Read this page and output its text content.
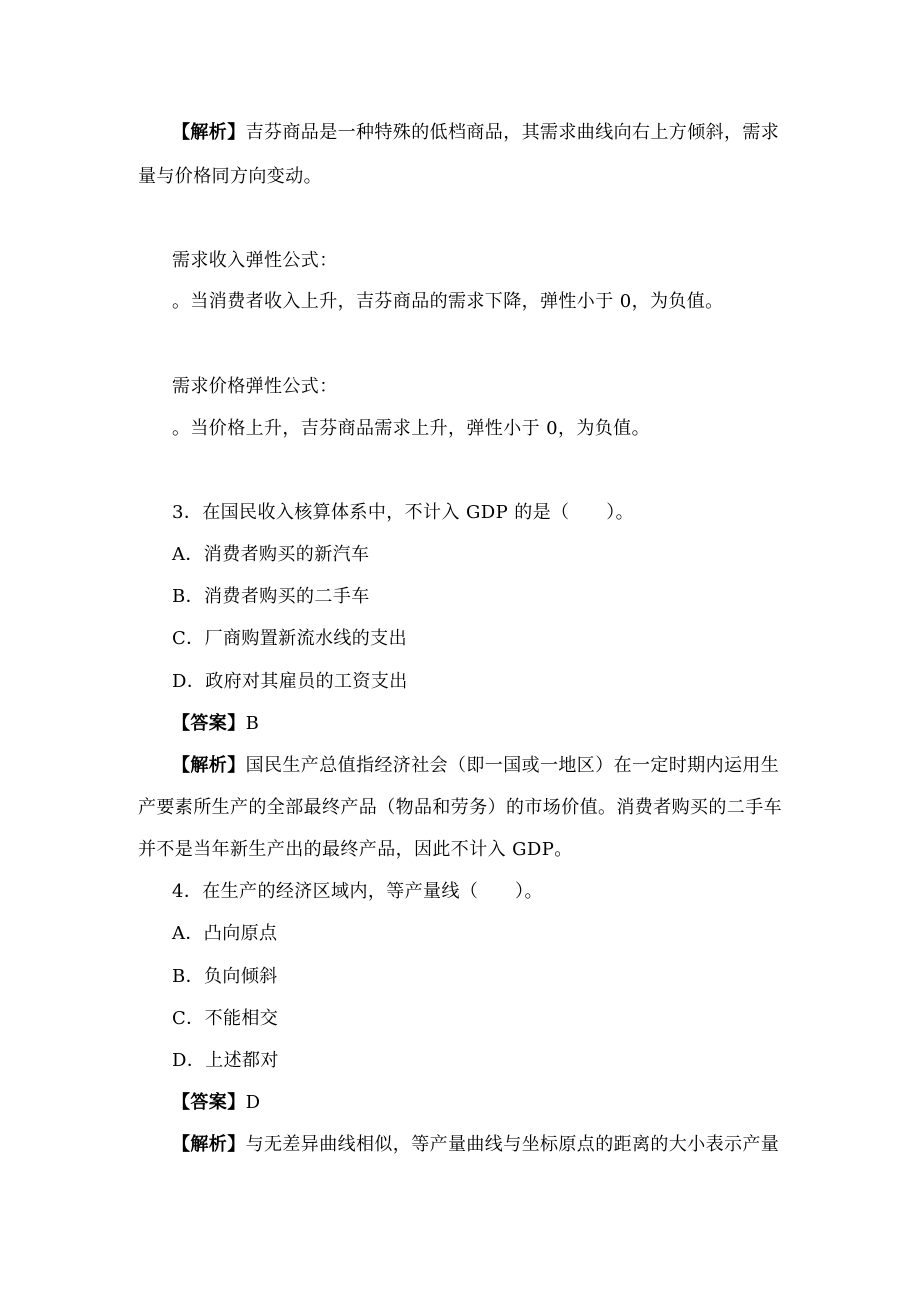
【解析】吉芬商品是一种特殊的低档商品，其需求曲线向右上方倾斜，需求
量与价格同方向变动。
需求收入弹性公式：
。当消费者收入上升，吉芬商品的需求下降，弹性小于 0，为负值。
需求价格弹性公式：
。当价格上升，吉芬商品需求上升，弹性小于 0，为负值。
3．在国民收入核算体系中，不计入 GDP 的是（　　）。
A．消费者购买的新汽车
B．消费者购买的二手车
C．厂商购置新流水线的支出
D．政府对其雇员的工资支出
【答案】B
【解析】国民生产总值指经济社会（即一国或一地区）在一定时期内运用生
产要素所生产的全部最终产品（物品和劳务）的市场价值。消费者购买的二手车
并不是当年新生产出的最终产品，因此不计入 GDP。
4．在生产的经济区域内，等产量线（　　）。
A．凸向原点
B．负向倾斜
C．不能相交
D．上述都对
【答案】D
【解析】与无差异曲线相似，等产量曲线与坐标原点的距离的大小表示产量
